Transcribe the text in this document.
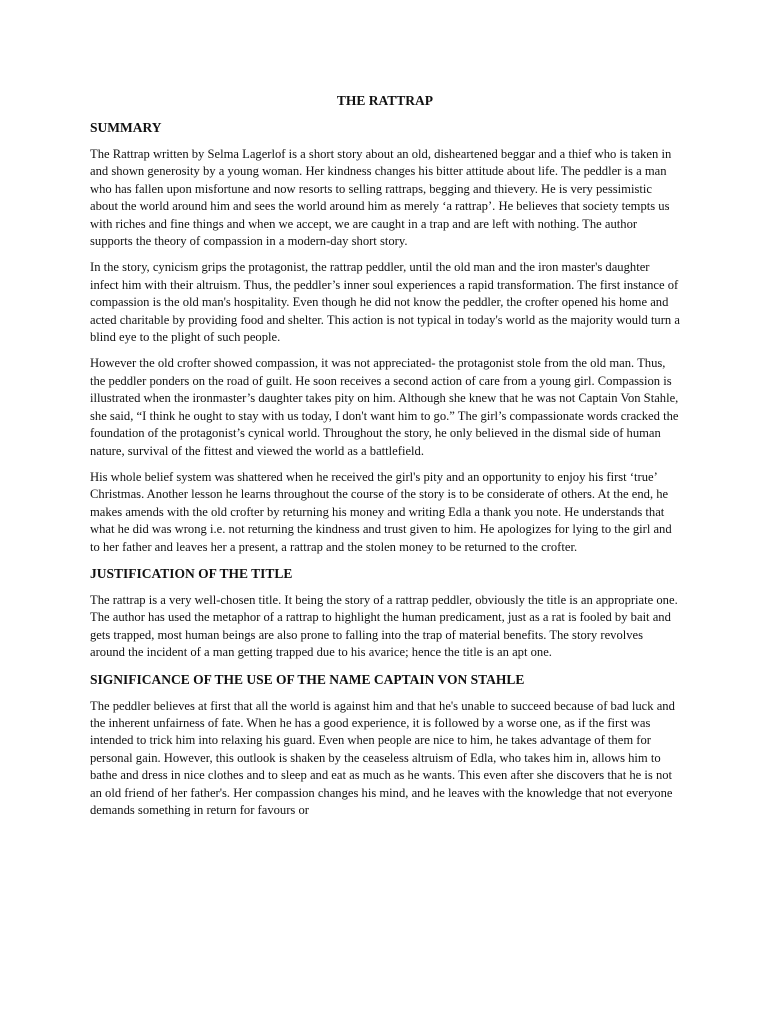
THE RATTRAP
SUMMARY

The Rattrap written by Selma Lagerlof is a short story about an old, disheartened beggar and a thief who is taken in and shown generosity by a young woman. Her kindness changes his bitter attitude about life. The peddler is a man who has fallen upon misfortune and now resorts to selling rattraps, begging and thievery. He is very pessimistic about the world around him and sees the world around him as merely ‘a rattrap’. He believes that society tempts us with riches and fine things and when we accept, we are caught in a trap and are left with nothing. The author supports the theory of compassion in a modern-day short story.

In the story, cynicism grips the protagonist, the rattrap peddler, until the old man and the iron master's daughter infect him with their altruism. Thus, the peddler’s inner soul experiences a rapid transformation. The first instance of compassion is the old man's hospitality. Even though he did not know the peddler, the crofter opened his home and acted charitable by providing food and shelter. This action is not typical in today's world as the majority would turn a blind eye to the plight of such people.

However the old crofter showed compassion, it was not appreciated- the protagonist stole from the old man. Thus, the peddler ponders on the road of guilt. He soon receives a second action of care from a young girl. Compassion is illustrated when the ironmaster’s daughter takes pity on him. Although she knew that he was not Captain Von Stahle, she said, “I think he ought to stay with us today, I don't want him to go.” The girl’s compassionate words cracked the foundation of the protagonist’s cynical world. Throughout the story, he only believed in the dismal side of human nature, survival of the fittest and viewed the world as a battlefield.

His whole belief system was shattered when he received the girl's pity and an opportunity to enjoy his first ‘true’ Christmas. Another lesson he learns throughout the course of the story is to be considerate of others. At the end, he makes amends with the old crofter by returning his money and writing Edla a thank you note. He understands that what he did was wrong i.e. not returning the kindness and trust given to him. He apologizes for lying to the girl and to her father and leaves her a present, a rattrap and the stolen money to be returned to the crofter.

JUSTIFICATION OF THE TITLE

The rattrap is a very well-chosen title. It being the story of a rattrap peddler, obviously the title is an appropriate one. The author has used the metaphor of a rattrap to highlight the human predicament, just as a rat is fooled by bait and gets trapped, most human beings are also prone to falling into the trap of material benefits. The story revolves around the incident of a man getting trapped due to his avarice; hence the title is an apt one.

SIGNIFICANCE OF THE USE OF THE NAME CAPTAIN VON STAHLE

The peddler believes at first that all the world is against him and that he's unable to succeed because of bad luck and the inherent unfairness of fate. When he has a good experience, it is followed by a worse one, as if the first was intended to trick him into relaxing his guard. Even when people are nice to him, he takes advantage of them for personal gain. However, this outlook is shaken by the ceaseless altruism of Edla, who takes him in, allows him to bathe and dress in nice clothes and to sleep and eat as much as he wants. This even after she discovers that he is not an old friend of her father's. Her compassion changes his mind, and he leaves with the knowledge that not everyone demands something in return for favours or
